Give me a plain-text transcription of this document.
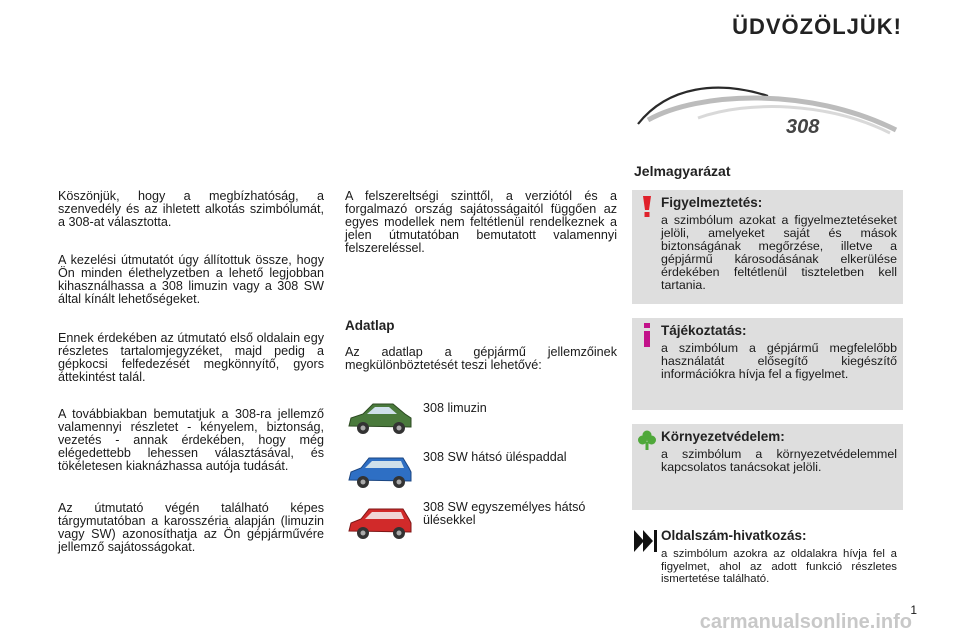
ÜDVÖZÖLJÜK!
308

Köszönjük, hogy a megbízhatóság, a szenvedély és az ihletett alkotás szimbólumát, a 308-at választotta.

A kezelési útmutatót úgy állítottuk össze, hogy Ön minden élethelyzetben a lehető legjobban kihasználhassa a 308 limuzin vagy a 308 SW által kínált lehetőségeket.

Ennek érdekében az útmutató első oldalain egy részletes tartalomjegyzéket, majd pedig a gépkocsi felfedezését megkönnyítő, gyors áttekintést talál.

A továbbiakban bemutatjuk a 308-ra jellemző valamennyi részletet - kényelem, biztonság, vezetés - annak érdekében, hogy még elégedettebb lehessen választásával, és tökéletesen kiaknázhassa autója tudását.

Az útmutató végén található képes tárgymutatóban a karosszéria alapján (limuzin vagy SW) azonosíthatja az Ön gépjárművére jellemző sajátosságokat.

A felszereltségi szinttől, a verziótól és a forgalmazó ország sajátosságaitól függően az egyes modellek nem feltétlenül rendelkeznek a jelen útmutatóban bemutatott valamennyi felszereléssel.

Adatlap

Az adatlap a gépjármű jellemzőinek megkülönböztetését teszi lehetővé:

308 limuzin
308 SW hátsó üléspaddal
308 SW egyszemélyes hátsó ülésekkel
Jelmagyarázat
Figyelmeztetés:

a szimbólum azokat a figyelmeztetéseket jelöli, amelyeket saját és mások biztonságának megőrzése, illetve a gépjármű károsodásának elkerülése érdekében feltétlenül tiszteletben kell tartania.

Tájékoztatás:

a szimbólum a gépjármű megfelelőbb használatát elősegítő kiegészítő információkra hívja fel a figyelmet.

Környezetvédelem:

a szimbólum a környezetvédelemmel kapcsolatos tanácsokat jelöli.

Oldalszám-hivatkozás:

a szimbólum azokra az oldalakra hívja fel a figyelmet, ahol az adott funkció részletes ismertetése található.

1
carmanualsonline.info
